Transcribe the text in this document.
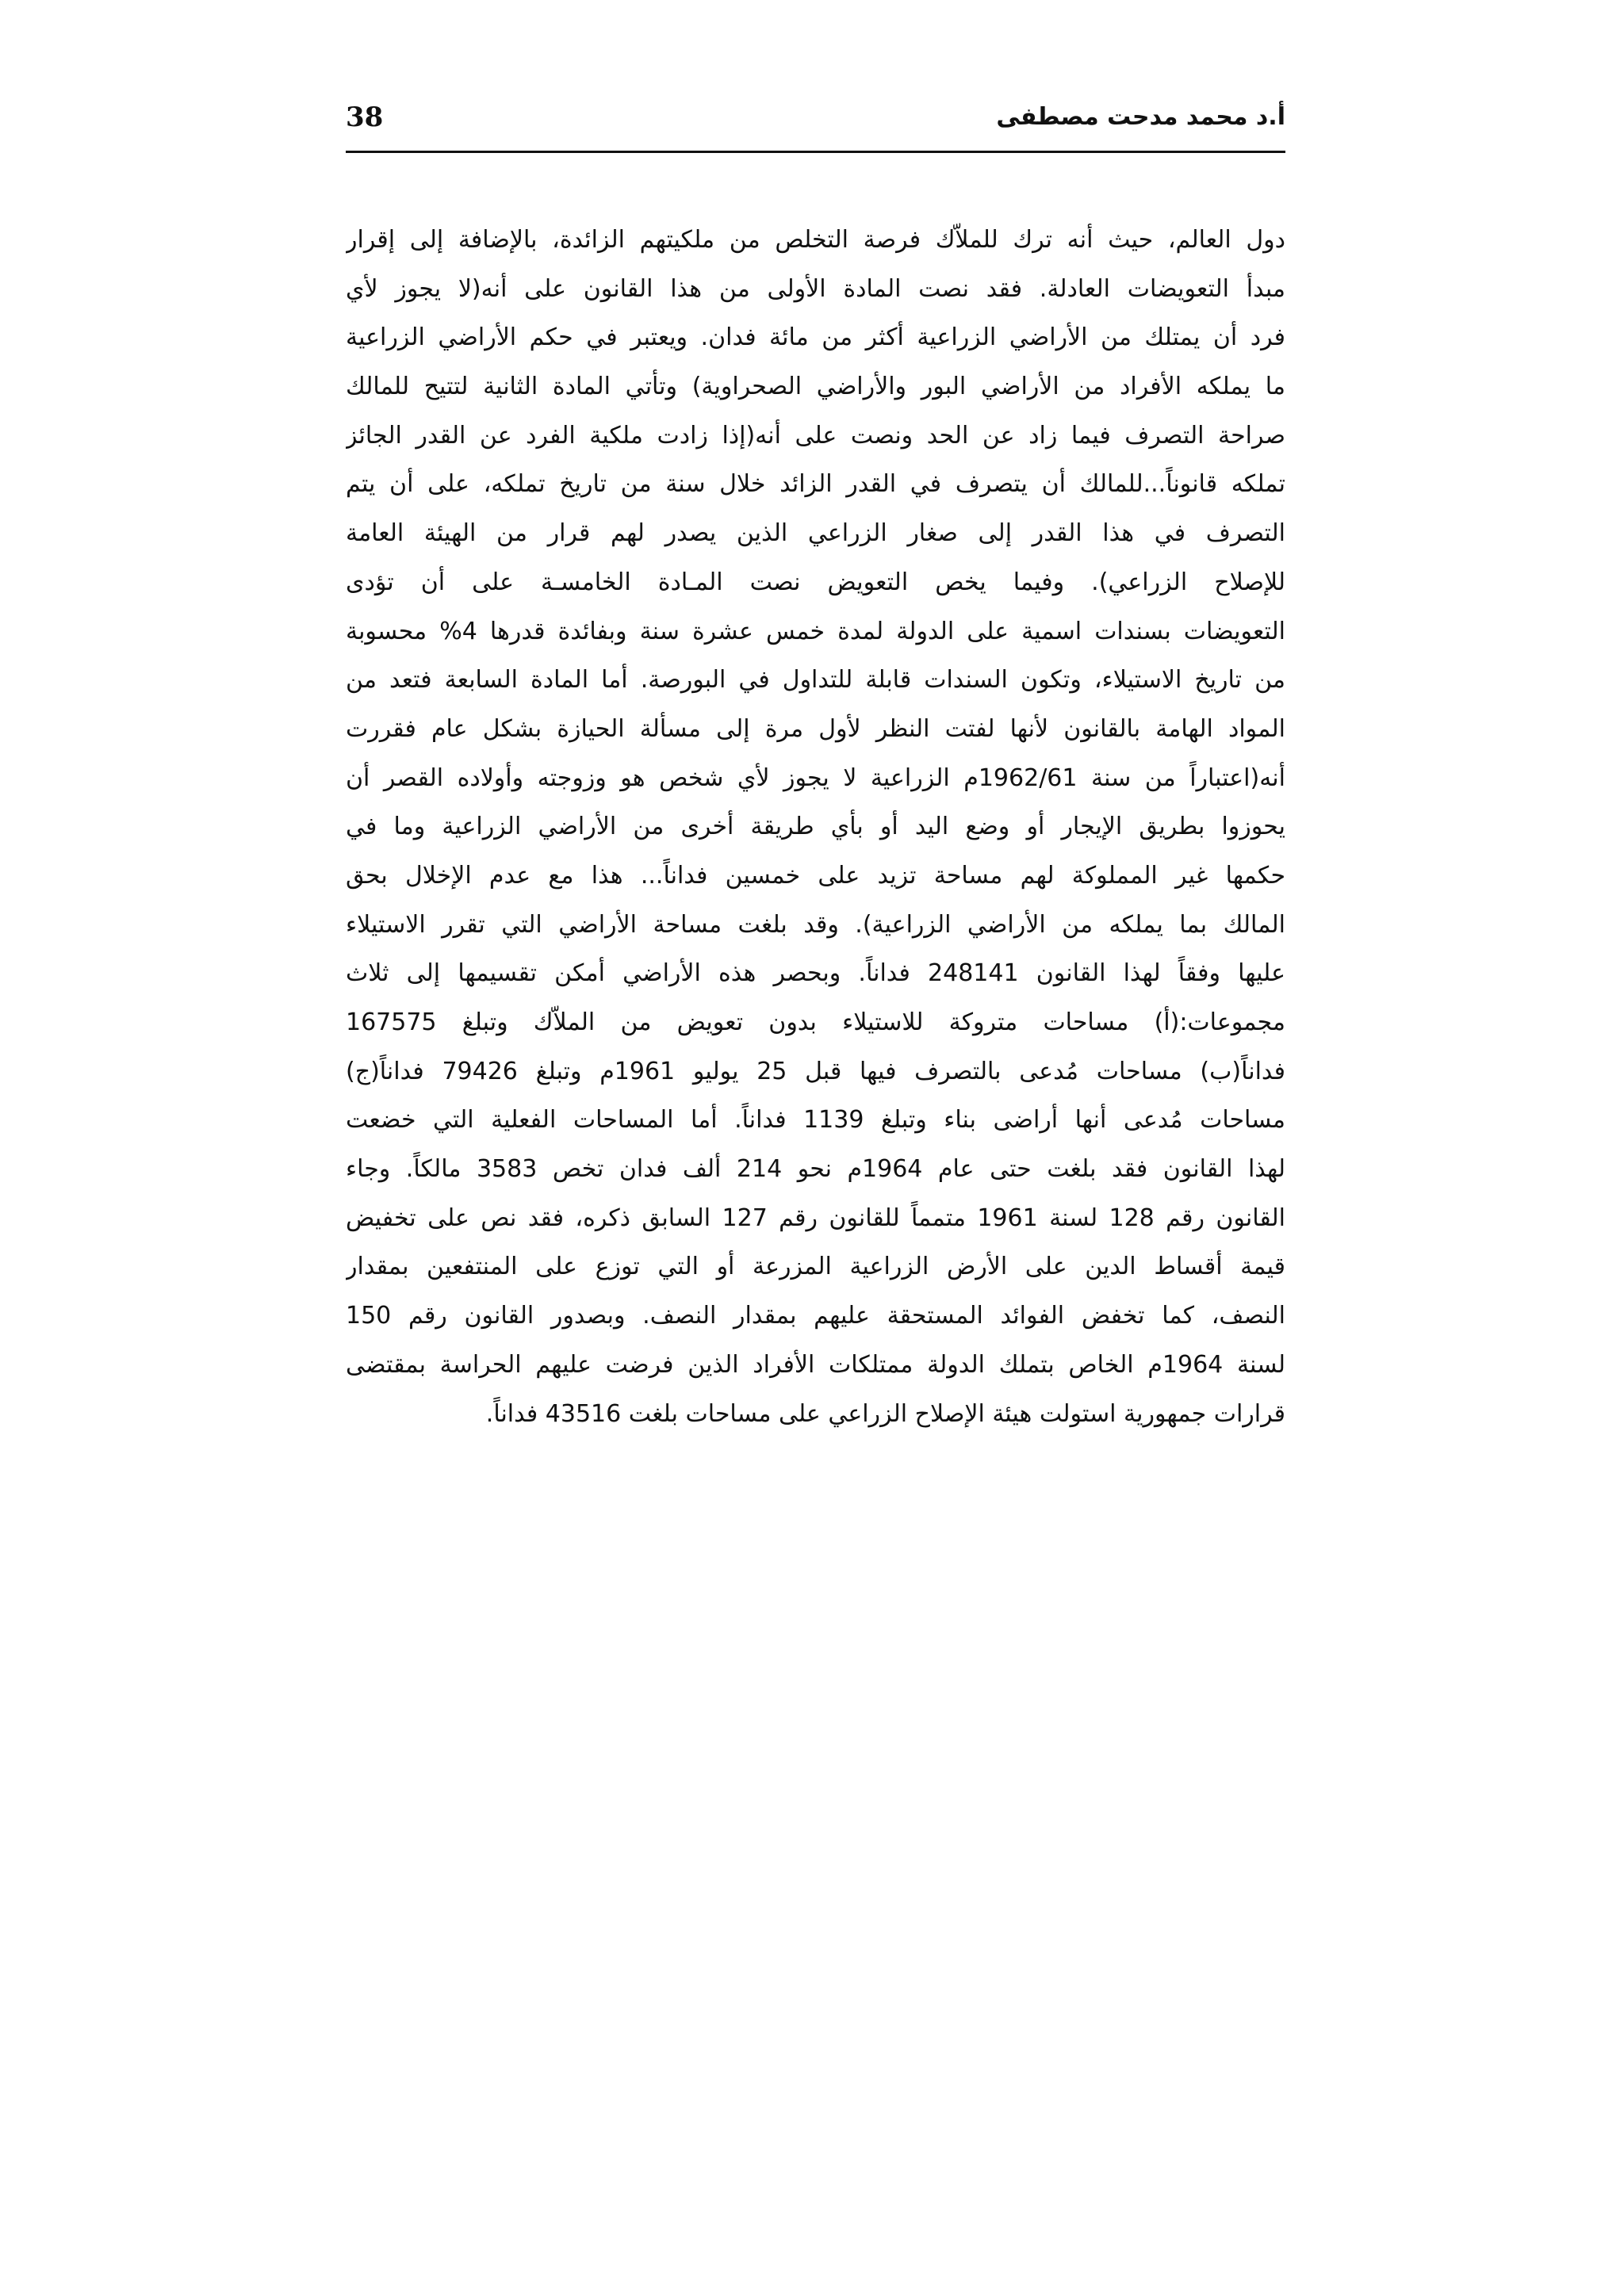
38	أ.د محمد مدحت مصطفى
دول العالم، حيث أنه ترك للملاّك فرصة التخلص من ملكيتهم الزائدة، بالإضافة إلى إقرار
مبدأ التعويضات العادلة. فقد نصت المادة الأولى من هذا القانون على أنه(لا يجوز لأي
فرد أن يمتلك من الأراضي الزراعية أكثر من مائة فدان. ويعتبر في حكم الأراضي الزراعية
ما يملكه الأفراد من الأراضي البور والأراضي الصحراوية) وتأتي المادة الثانية لتتيح للمالك
صراحة التصرف فيما زاد عن الحد ونصت على أنه(إذا زادت ملكية الفرد عن القدر الجائز
تملكه قانوناً...للمالك أن يتصرف في القدر الزائد خلال سنة من تاريخ تملكه، على أن يتم
التصرف في هذا القدر إلى صغار الزراعي الذين يصدر لهم قرار من الهيئة العامة
للإصلاح الزراعي). وفيما يخص التعويض نصت المـادة الخامسـة على أن تؤدى
التعويضات بسندات اسمية على الدولة لمدة خمس عشرة سنة وبفائدة قدرها 4% محسوبة
من تاريخ الاستيلاء، وتكون السندات قابلة للتداول في البورصة. أما المادة السابعة فتعد من
المواد الهامة بالقانون لأنها لفتت النظر لأول مرة إلى مسألة الحيازة بشكل عام فقررت
أنه(اعتباراً من سنة 1962/61م الزراعية لا يجوز لأي شخص هو وزوجته وأولاده القصر أن
يحوزوا بطريق الإيجار أو وضع اليد أو بأي طريقة أخرى من الأراضي الزراعية وما في
حكمها غير المملوكة لهم مساحة تزيد على خمسين فداناً... هذا مع عدم الإخلال بحق
المالك بما يملكه من الأراضي الزراعية). وقد بلغت مساحة الأراضي التي تقرر الاستيلاء
عليها وفقاً لهذا القانون 248141 فداناً. وبحصر هذه الأراضي أمكن تقسيمها إلى ثلاث
مجموعات:(أ) مساحات متروكة للاستيلاء بدون تعويض من الملاّك وتبلغ 167575
فداناً(ب) مساحات مُدعى بالتصرف فيها قبل 25 يوليو 1961م وتبلغ 79426 فداناً(ج)
مساحات مُدعى أنها أراضى بناء وتبلغ 1139 فداناً. أما المساحات الفعلية التي خضعت
لهذا القانون فقد بلغت حتى عام 1964م نحو 214 ألف فدان تخص 3583 مالكاً. وجاء
القانون رقم 128 لسنة 1961 متمماً للقانون رقم 127 السابق ذكره، فقد نص على تخفيض
قيمة أقساط الدين على الأرض الزراعية المزرعة أو التي توزع على المنتفعين بمقدار
النصف، كما تخفض الفوائد المستحقة عليهم بمقدار النصف. وبصدور القانون رقم 150
لسنة 1964م الخاص بتملك الدولة ممتلكات الأفراد الذين فرضت عليهم الحراسة بمقتضى
قرارات جمهورية استولت هيئة الإصلاح الزراعي على مساحات بلغت 43516 فداناً.
